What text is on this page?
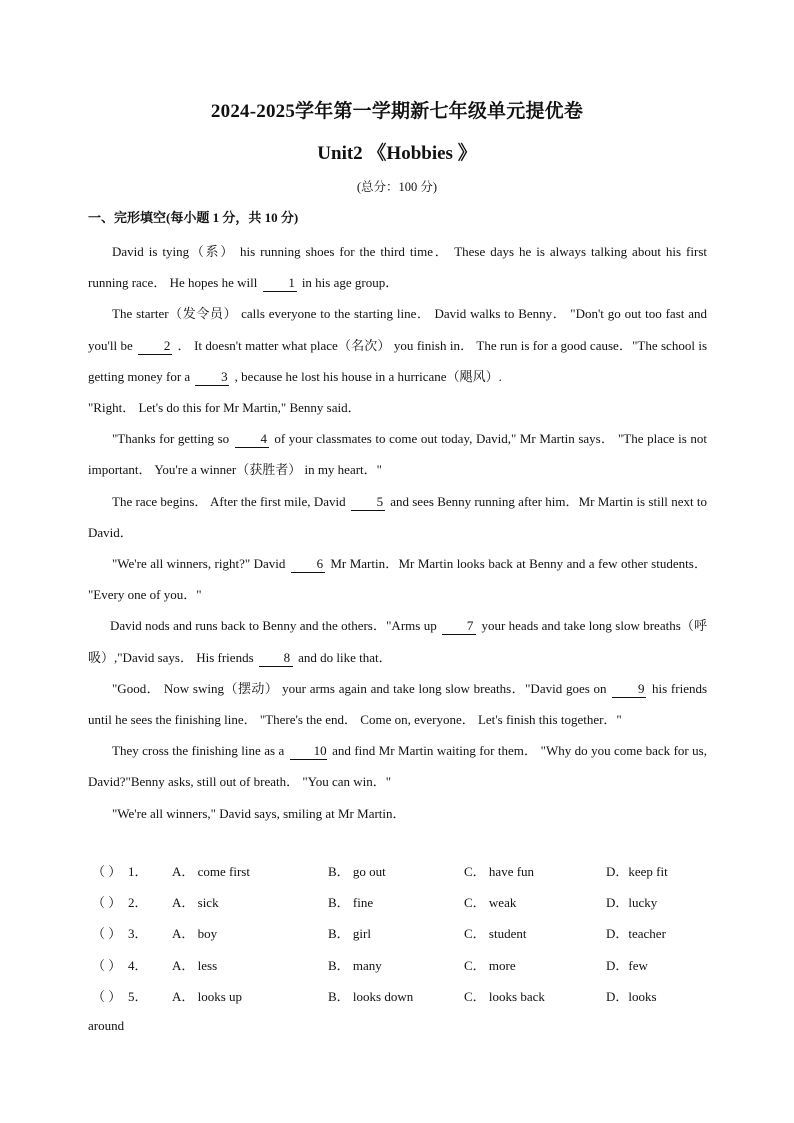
2024-2025学年第一学期新七年级单元提优卷
Unit2 《Hobbies 》
(总分：100 分)
一、完形填空(每小题 1 分，共 10 分)

David is tying（系） his running shoes for the third time． These days he is always talking about his first running race． He hopes he will 1 in his age group．

The starter（发令员） calls everyone to the starting line． David walks to Benny． "Don't go out too fast and you'll be 2 ． It doesn't matter what place（名次） you finish in． The run is for a good cause．"The school is getting money for a 3 , because he lost his house in a hurricane（飓风）.

"Right． Let's do this for Mr Martin," Benny said．

"Thanks for getting so 4 of your classmates to come out today, David," Mr Martin says． "The place is not important． You're a winner（获胜者） in my heart．"

The race begins． After the first mile, David 5 and sees Benny running after him．Mr Martin is still next to David．

"We're all winners, right?" David 6 Mr Martin．Mr Martin looks back at Benny and a few other students． "Every one of you．"

David nods and runs back to Benny and the others．"Arms up 7 your heads and take long slow breaths（呼吸）,"David says． His friends 8 and do like that．

"Good． Now swing（摆动） your arms again and take long slow breaths．"David goes on 9 his friends until he sees the finishing line． "There's the end． Come on, everyone． Let's finish this together．"

They cross the finishing line as a 10 and find Mr Martin waiting for them． "Why do you come back for us, David?"Benny asks, still out of breath． "You can win．"

"We're all winners," David says, smiling at Mr Martin．

（ ） 1． A． come first	B． go out	C． have fun	D．keep fit
（ ） 2． A． sick	B． fine	C． weak	D．lucky
（ ） 3． A． boy	B． girl	C． student	D．teacher
（ ） 4． A． less	B． many	C． more	D．few
（ ） 5． A． looks up	B． looks down	C． looks back	D．looks
around
